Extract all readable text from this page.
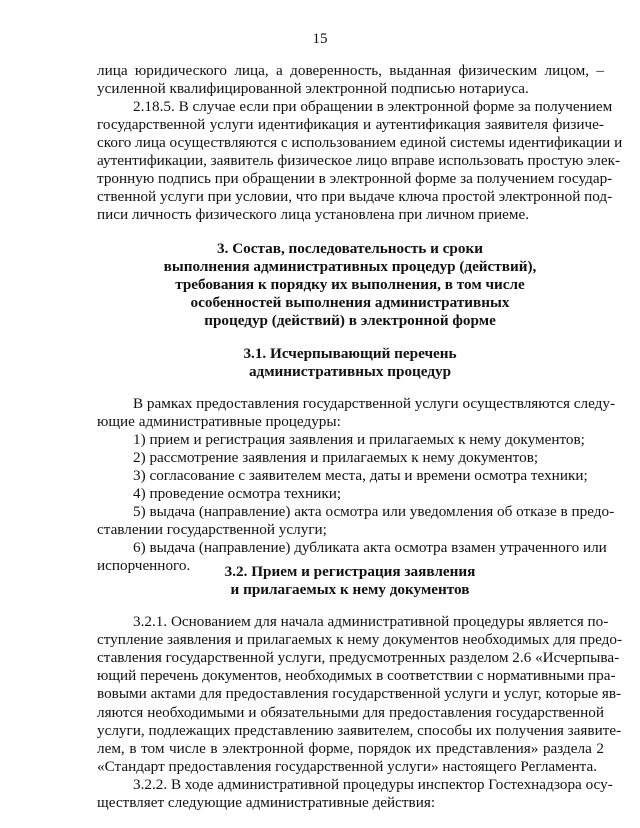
15
лица юридического лица, а доверенность, выданная физическим лицом, –
усиленной квалифицированной электронной подписью нотариуса.
2.18.5. В случае если при обращении в электронной форме за получением
государственной услуги идентификация и аутентификация заявителя физиче-
ского лица осуществляются с использованием единой системы идентификации и
аутентификации, заявитель физическое лицо вправе использовать простую элек-
тронную подпись при обращении в электронной форме за получением государ-
ственной услуги при условии, что при выдаче ключа простой электронной под-
писи личность физического лица установлена при личном приеме.
3. Состав, последовательность и сроки
выполнения административных процедур (действий),
требования к порядку их выполнения, в том числе
особенностей выполнения административных
процедур (действий) в электронной форме
3.1. Исчерпывающий перечень
административных процедур
В рамках предоставления государственной услуги осуществляются следу-
ющие административные процедуры:
1) прием и регистрация заявления и прилагаемых к нему документов;
2) рассмотрение заявления и прилагаемых к нему документов;
3) согласование с заявителем места, даты и времени осмотра техники;
4) проведение осмотра техники;
5) выдача (направление) акта осмотра или уведомления об отказе в предо-
ставлении государственной услуги;
6) выдача (направление) дубликата акта осмотра взамен утраченного или
испорченного.	3.2. Прием и регистрация заявления
и прилагаемых к нему документов
3.2.1. Основанием для начала административной процедуры является по-
ступление заявления и прилагаемых к нему документов необходимых для предо-
ставления государственной услуги, предусмотренных разделом 2.6 «Исчерпыва-
ющий перечень документов, необходимых в соответствии с нормативными пра-
вовыми актами для предоставления государственной услуги и услуг, которые яв-
ляются необходимыми и обязательными для предоставления государственной
услуги, подлежащих представлению заявителем, способы их получения заявите-
лем, в том числе в электронной форме, порядок их представления» раздела 2
«Стандарт предоставления государственной услуги» настоящего Регламента.
3.2.2. В ходе административной процедуры инспектор Гостехнадзора осу-
ществляет следующие административные действия:
